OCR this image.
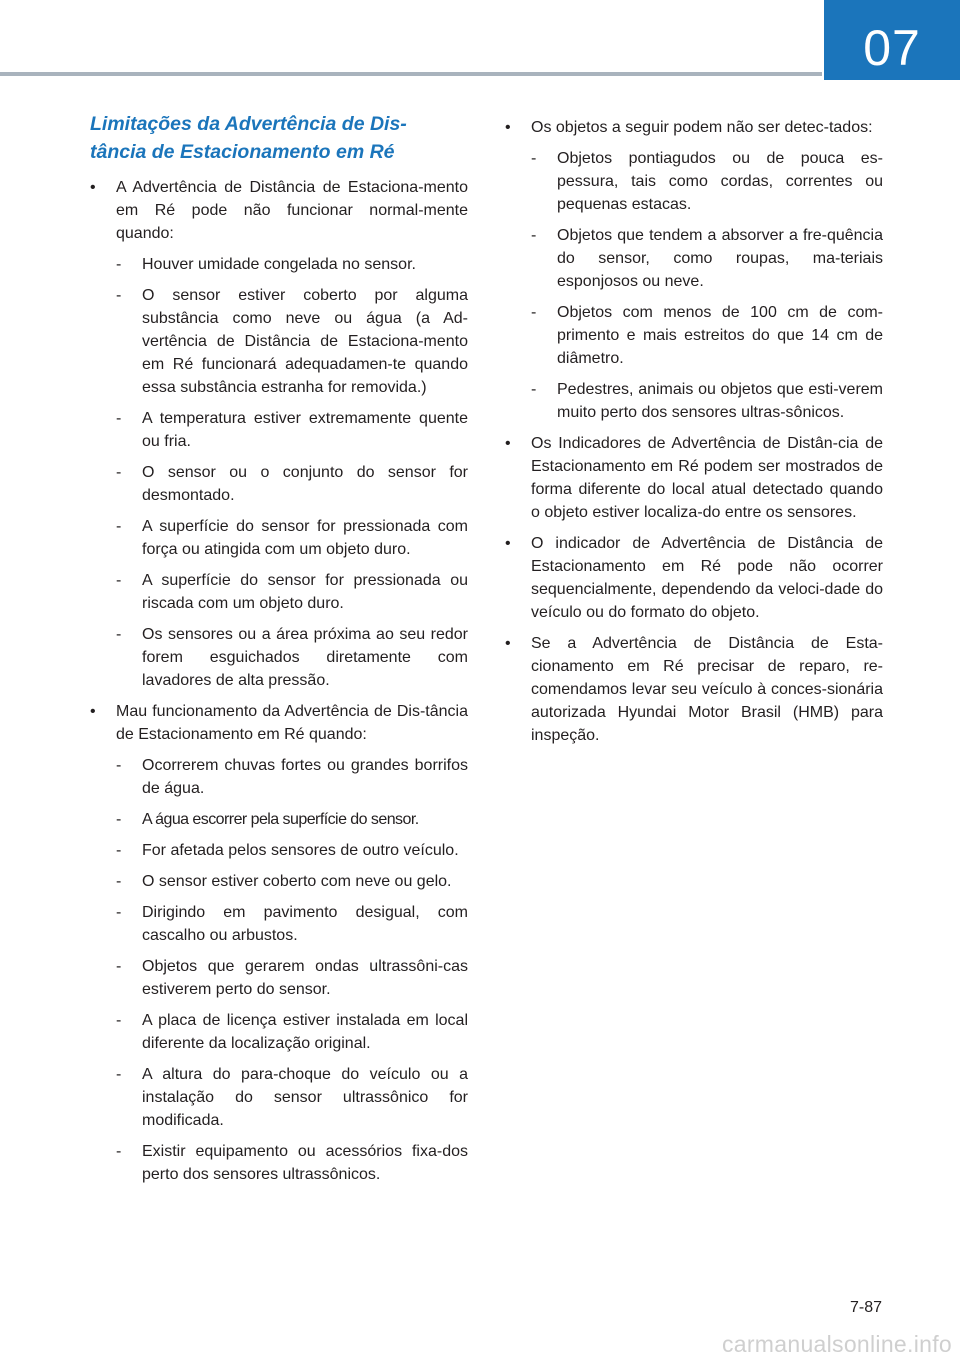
07
Limitações da Advertência de Dis-
tância de Estacionamento em Ré
•	A Advertência de Distância de Estaciona-mento em Ré pode não funcionar normal-mente quando:
-	Houver umidade congelada no sensor.
-	O sensor estiver coberto por alguma substância como neve ou água (a Ad-vertência de Distância de Estaciona-mento em Ré funcionará adequadamen-te quando essa substância estranha for removida.)
-	A temperatura estiver extremamente quente ou fria.
-	O sensor ou o conjunto do sensor for desmontado.
-	A superfície do sensor for pressionada com força ou atingida com um objeto duro.
-	A superfície do sensor for pressionada ou riscada com um objeto duro.
-	Os sensores ou a área próxima ao seu redor forem esguichados diretamente com lavadores de alta pressão.
•	Mau funcionamento da Advertência de Dis-tância de Estacionamento em Ré quando:
-	Ocorrerem chuvas fortes ou grandes borrifos de água.
-	A água escorrer pela superfície do sensor.
-	For afetada pelos sensores de outro veículo.
-	O sensor estiver coberto com neve ou gelo.
-	Dirigindo em pavimento desigual, com cascalho ou arbustos.
-	Objetos que gerarem ondas ultrassôni-cas estiverem perto do sensor.
-	A placa de licença estiver instalada em local diferente da localização original.
-	A altura do para-choque do veículo ou a instalação do sensor ultrassônico for modificada.
-	Existir equipamento ou acessórios fixa-dos perto dos sensores ultrassônicos.
•	Os objetos a seguir podem não ser detec-tados:
-	Objetos pontiagudos ou de pouca es-pessura, tais como cordas, correntes ou pequenas estacas.
-	Objetos que tendem a absorver a fre-quência do sensor, como roupas, ma-teriais esponjosos ou neve.
-	Objetos com menos de 100 cm de com-primento e mais estreitos do que 14 cm de diâmetro.
-	Pedestres, animais ou objetos que esti-verem muito perto dos sensores ultras-sônicos.
•	Os Indicadores de Advertência de Distân-cia de Estacionamento em Ré podem ser mostrados de forma diferente do local atual detectado quando o objeto estiver localiza-do entre os sensores.
•	O indicador de Advertência de Distância de Estacionamento em Ré pode não ocorrer sequencialmente, dependendo da veloci-dade do veículo ou do formato do objeto.
•	Se a Advertência de Distância de Esta-cionamento em Ré precisar de reparo, re-comendamos levar seu veículo à conces-sionária autorizada Hyundai Motor Brasil (HMB) para inspeção.
7-87
carmanualsonline.info
